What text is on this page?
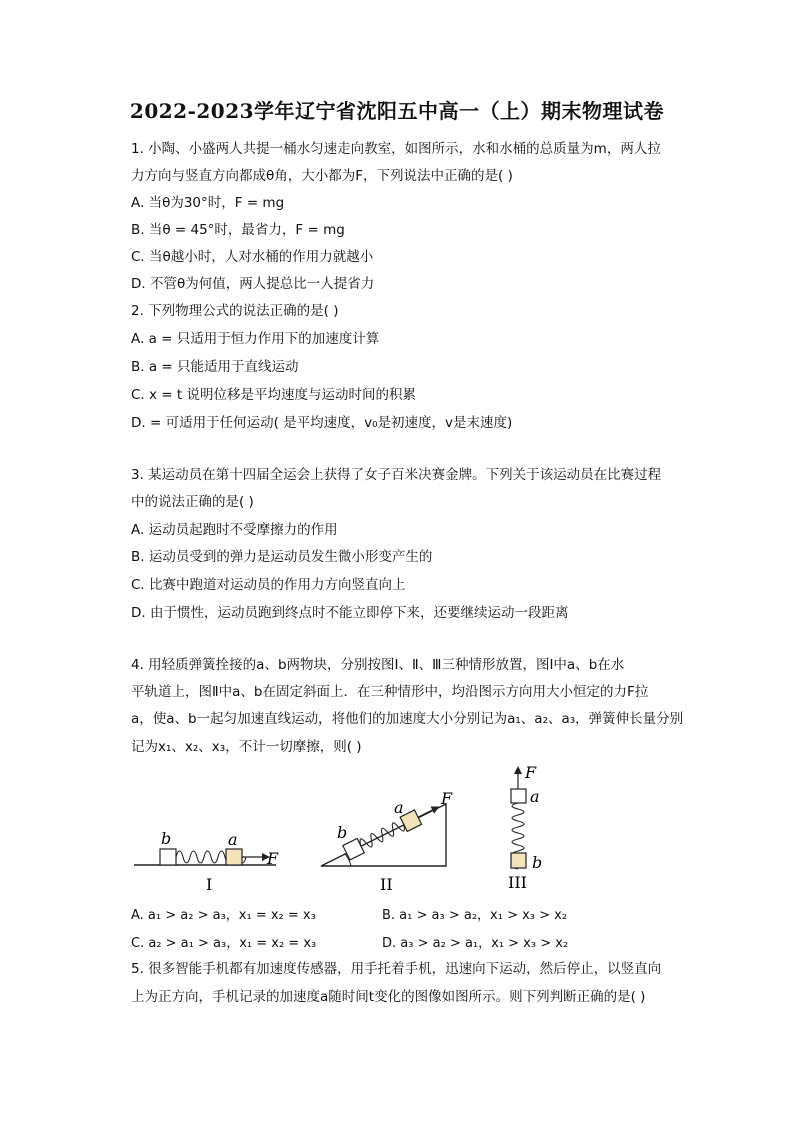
2022-2023学年辽宁省沈阳五中高一（上）期末物理试卷
1. 小陶、小盛两人共提一桶水匀速走向教室，如图所示，水和水桶的总质量为m，两人拉
力方向与竖直方向都成θ角，大小都为F，下列说法中正确的是( )
A. 当θ为30°时，F = mg
B. 当θ = 45°时，最省力，F = mg
C. 当θ越小时，人对水桶的作用力就越小
D. 不管θ为何值，两人提总比一人提省力
2. 下列物理公式的说法正确的是( )
A. a = 只适用于恒力作用下的加速度计算
B. a = 只能适用于直线运动
C. x = t 说明位移是平均速度与运动时间的积累
D. = 可适用于任何运动( 是平均速度，v₀是初速度，v是末速度)
3. 某运动员在第十四届全运会上获得了女子百米决赛金牌。下列关于该运动员在比赛过程
中的说法正确的是( )
A. 运动员起跑时不受摩擦力的作用
B. 运动员受到的弹力是运动员发生微小形变产生的
C. 比赛中跑道对运动员的作用力方向竖直向上
D. 由于惯性，运动员跑到终点时不能立即停下来，还要继续运动一段距离
4. 用轻质弹簧拴接的a、b两物块，分别按图Ⅰ、Ⅱ、Ⅲ三种情形放置，图Ⅰ中a、b在水
平轨道上，图Ⅱ中a、b在固定斜面上．在三种情形中，均沿图示方向用大小恒定的力F拉
a，使a、b一起匀加速直线运动，将他们的加速度大小分别记为a₁、a₂、a₃，弹簧伸长量分别
记为x₁、x₂、x₃，不计一切摩擦，则( )
b	a
F
I
b
a F
II
F
a
b
III
A. a₁ > a₂ > a₃，x₁ = x₂ = x₃	B. a₁ > a₃ > a₂，x₁ > x₃ > x₂
C. a₂ > a₁ > a₃，x₁ = x₂ = x₃	D. a₃ > a₂ > a₁，x₁ > x₃ > x₂
5. 很多智能手机都有加速度传感器，用手托着手机，迅速向下运动，然后停止，以竖直向
上为正方向，手机记录的加速度a随时间t变化的图像如图所示。则下列判断正确的是( )
